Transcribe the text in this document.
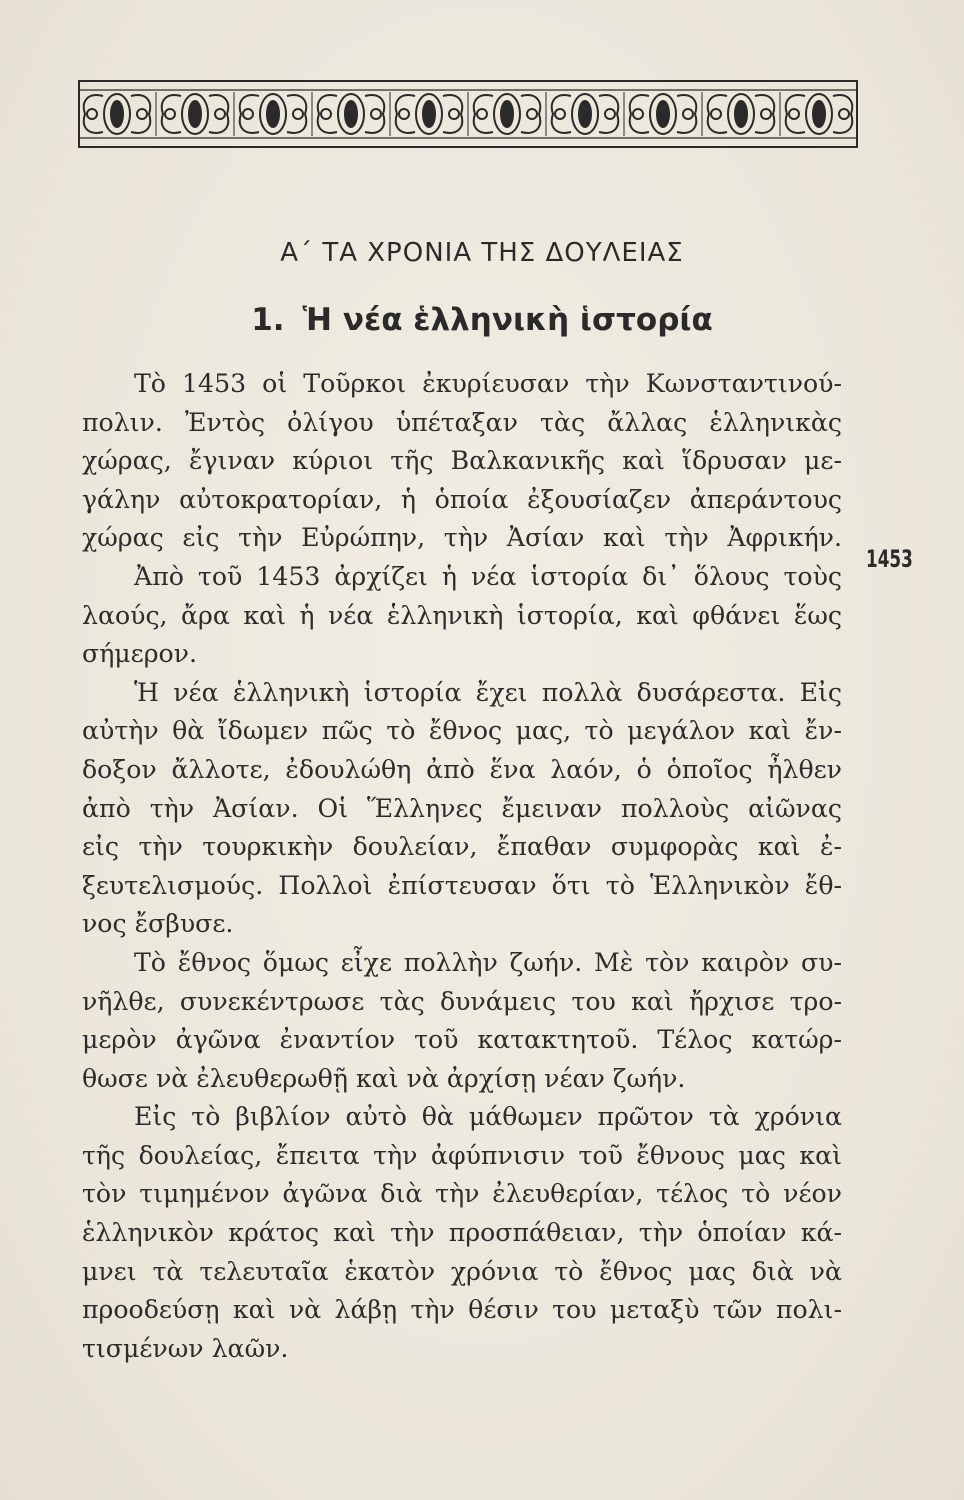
Α΄ ΤΑ ΧΡΟΝΙΑ ΤΗΣ ΔΟΥΛΕΙΑΣ
1. Ἡ νέα ἑλληνικὴ ἱστορία

Τὸ 1453 οἱ Τοῦρκοι ἐκυρίευσαν τὴν Κωνσταντινού-
πολιν. Ἐντὸς ὀλίγου ὑπέταξαν τὰς ἄλλας ἑλληνικὰς
χώρας, ἔγιναν κύριοι τῆς Βαλκανικῆς καὶ ἵδρυσαν με-
γάλην αὐτοκρατορίαν, ἡ ὁποία ἐξουσίαζεν ἀπεράντους
χώρας εἰς τὴν Εὐρώπην, τὴν Ἀσίαν καὶ τὴν Ἀφρικήν.
Ἀπὸ τοῦ 1453 ἀρχίζει ἡ νέα ἱστορία δι᾽ ὅλους τοὺς
λαούς, ἄρα καὶ ἡ νέα ἑλληνικὴ ἱστορία, καὶ φθάνει ἕως
σήμερον.

Ἡ νέα ἑλληνικὴ ἱστορία ἔχει πολλὰ δυσάρεστα. Εἰς
αὐτὴν θὰ ἴδωμεν πῶς τὸ ἔθνος μας, τὸ μεγάλον καὶ ἔν-
δοξον ἄλλοτε, ἐδουλώθη ἀπὸ ἕνα λαόν, ὁ ὁποῖος ἦλθεν
ἀπὸ τὴν Ἀσίαν. Οἱ Ἕλληνες ἔμειναν πολλοὺς αἰῶνας
εἰς τὴν τουρκικὴν δουλείαν, ἔπαθαν συμφορὰς καὶ ἐ-
ξευτελισμούς. Πολλοὶ ἐπίστευσαν ὅτι τὸ Ἑλληνικὸν ἔθ-
νος ἔσβυσε.

Τὸ ἔθνος ὅμως εἶχε πολλὴν ζωήν. Μὲ τὸν καιρὸν συ-
νῆλθε, συνεκέντρωσε τὰς δυνάμεις του καὶ ἤρχισε τρο-
μερὸν ἀγῶνα ἐναντίον τοῦ κατακτητοῦ. Τέλος κατώρ-
θωσε νὰ ἐλευθερωθῇ καὶ νὰ ἀρχίσῃ νέαν ζωήν.

Εἰς τὸ βιβλίον αὐτὸ θὰ μάθωμεν πρῶτον τὰ χρόνια
τῆς δουλείας, ἔπειτα τὴν ἀφύπνισιν τοῦ ἔθνους μας καὶ
τὸν τιμημένον ἀγῶνα διὰ τὴν ἐλευθερίαν, τέλος τὸ νέον
ἑλληνικὸν κράτος καὶ τὴν προσπάθειαν, τὴν ὁποίαν κά-
μνει τὰ τελευταῖα ἑκατὸν χρόνια τὸ ἔθνος μας διὰ νὰ
προοδεύσῃ καὶ νὰ λάβῃ τὴν θέσιν του μεταξὺ τῶν πολι-
τισμένων λαῶν.

1453
